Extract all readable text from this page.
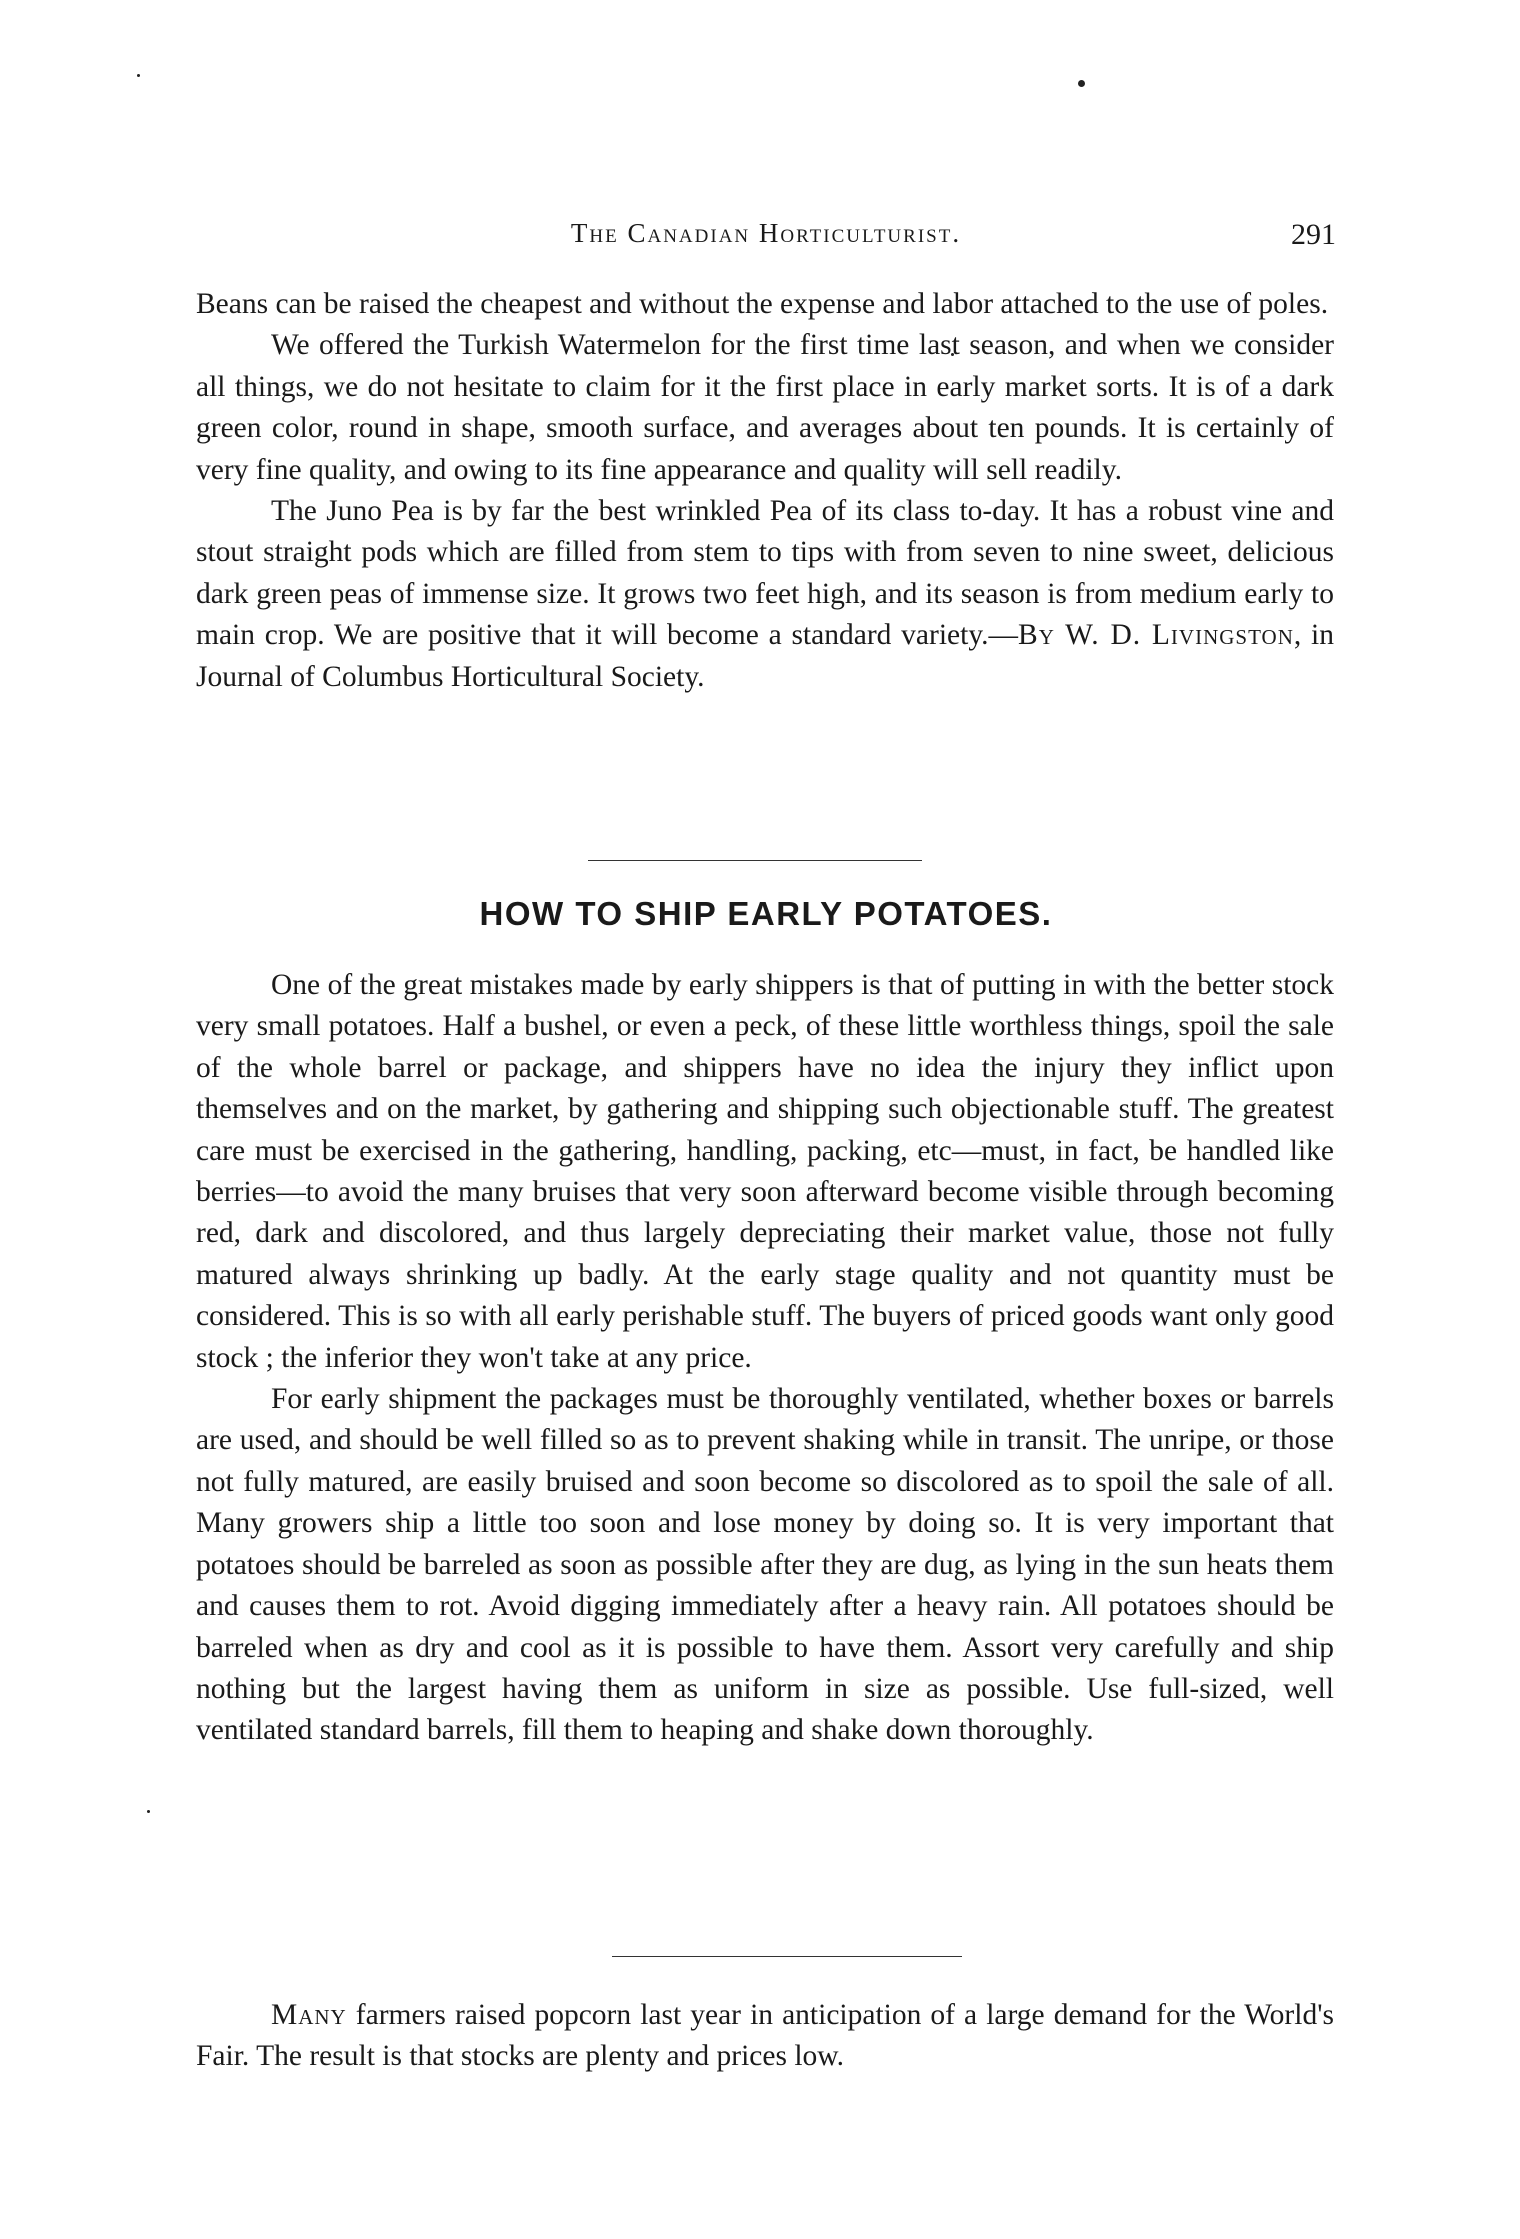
The Canadian Horticulturist.	291

Beans can be raised the cheapest and without the expense and labor attached to the use of poles.

We offered the Turkish Watermelon for the first time last season, and when we consider all things, we do not hesitate to claim for it the first place in early market sorts. It is of a dark green color, round in shape, smooth surface, and averages about ten pounds. It is certainly of very fine quality, and owing to its fine appearance and quality will sell readily.

The Juno Pea is by far the best wrinkled Pea of its class to-day. It has a robust vine and stout straight pods which are filled from stem to tips with from seven to nine sweet, delicious dark green peas of immense size. It grows two feet high, and its season is from medium early to main crop. We are positive that it will become a standard variety.—By W. D. Livingston, in Journal of Columbus Horticultural Society.

HOW TO SHIP EARLY POTATOES.

One of the great mistakes made by early shippers is that of putting in with the better stock very small potatoes. Half a bushel, or even a peck, of these little worthless things, spoil the sale of the whole barrel or package, and shippers have no idea the injury they inflict upon themselves and on the market, by gathering and shipping such objectionable stuff. The greatest care must be exercised in the gathering, handling, packing, etc—must, in fact, be handled like berries—to avoid the many bruises that very soon afterward become visible through becoming red, dark and discolored, and thus largely depreciating their market value, those not fully matured always shrinking up badly. At the early stage quality and not quantity must be considered. This is so with all early perishable stuff. The buyers of priced goods want only good stock ; the inferior they won't take at any price.

For early shipment the packages must be thoroughly ventilated, whether boxes or barrels are used, and should be well filled so as to prevent shaking while in transit. The unripe, or those not fully matured, are easily bruised and soon become so discolored as to spoil the sale of all. Many growers ship a little too soon and lose money by doing so. It is very important that potatoes should be barreled as soon as possible after they are dug, as lying in the sun heats them and causes them to rot. Avoid digging immediately after a heavy rain. All potatoes should be barreled when as dry and cool as it is possible to have them. Assort very carefully and ship nothing but the largest having them as uniform in size as possible. Use full-sized, well ventilated standard barrels, fill them to heaping and shake down thoroughly.

Many farmers raised popcorn last year in anticipation of a large demand for the World's Fair. The result is that stocks are plenty and prices low.
